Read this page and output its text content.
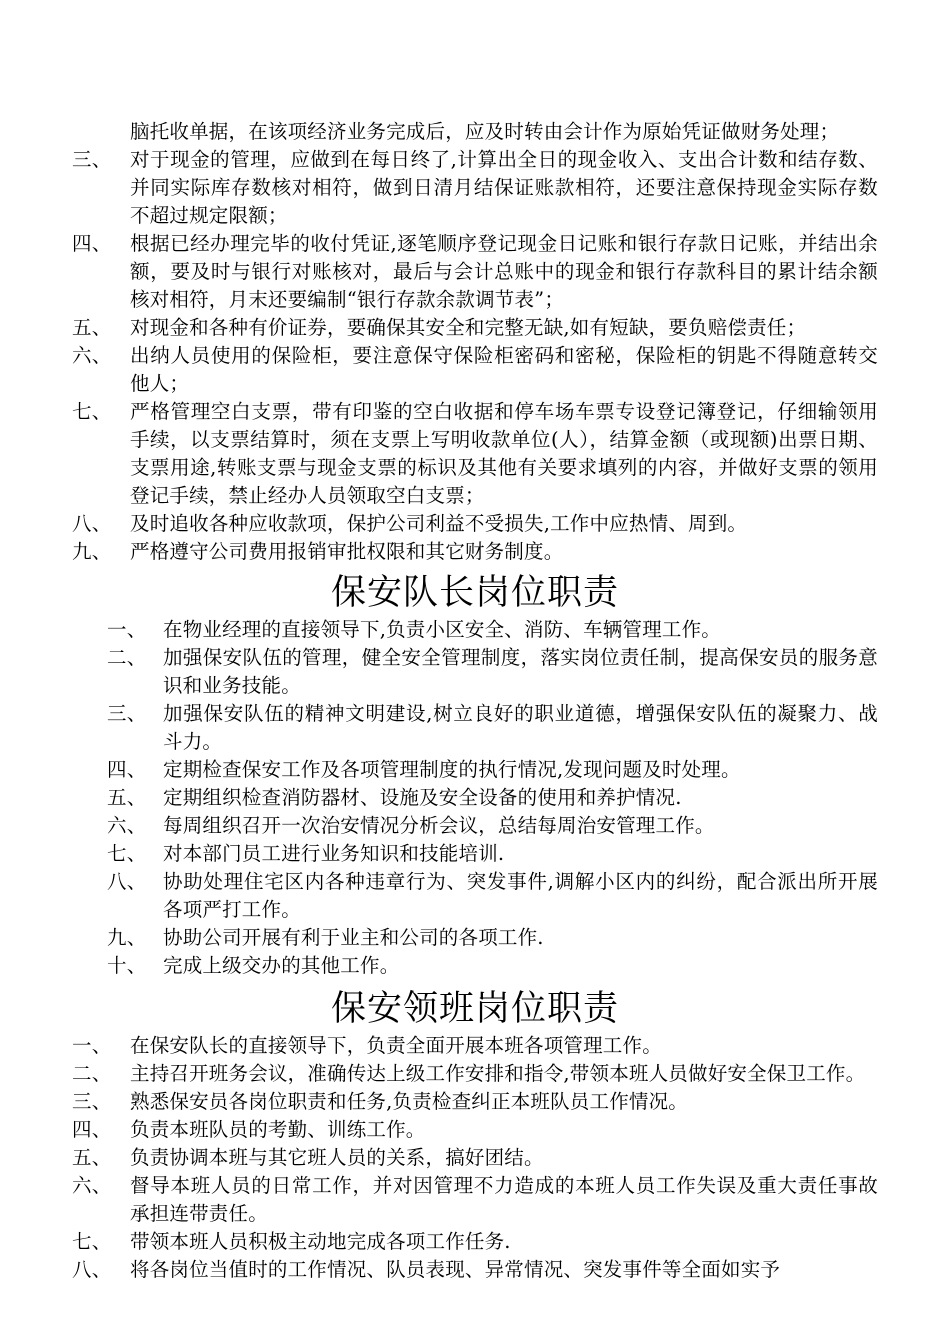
脑托收单据，在该项经济业务完成后，应及时转由会计作为原始凭证做财务处理；
三、 对于现金的管理，应做到在每日终了,计算出全日的现金收入、支出合计数和结存数、并同实际库存数核对相符，做到日清月结保证账款相符，还要注意保持现金实际存数不超过规定限额；
四、 根据已经办理完毕的收付凭证,逐笔顺序登记现金日记账和银行存款日记账，并结出余额，要及时与银行对账核对，最后与会计总账中的现金和银行存款科目的累计结余额核对相符，月末还要编制“银行存款余款调节表”；
五、 对现金和各种有价证券，要确保其安全和完整无缺,如有短缺，要负赔偿责任；
六、 出纳人员使用的保险柜，要注意保守保险柜密码和密秘，保险柜的钥匙不得随意转交他人；
七、 严格管理空白支票，带有印鉴的空白收据和停车场车票专设登记簿登记，仔细输领用手续，以支票结算时，须在支票上写明收款单位(人），结算金额（或现额)出票日期、支票用途,转账支票与现金支票的标识及其他有关要求填列的内容，并做好支票的领用登记手续，禁止经办人员领取空白支票；
八、 及时追收各种应收款项，保护公司利益不受损失,工作中应热情、周到。
九、 严格遵守公司费用报销审批权限和其它财务制度。
保安队长岗位职责
一、 在物业经理的直接领导下,负责小区安全、消防、车辆管理工作。
二、 加强保安队伍的管理，健全安全管理制度，落实岗位责任制，提高保安员的服务意识和业务技能。
三、 加强保安队伍的精神文明建设,树立良好的职业道德，增强保安队伍的凝聚力、战斗力。
四、 定期检查保安工作及各项管理制度的执行情况,发现问题及时处理。
五、 定期组织检查消防器材、设施及安全设备的使用和养护情况.
六、 每周组织召开一次治安情况分析会议，总结每周治安管理工作。
七、 对本部门员工进行业务知识和技能培训.
八、 协助处理住宅区内各种违章行为、突发事件,调解小区内的纠纷，配合派出所开展各项严打工作。
九、 协助公司开展有利于业主和公司的各项工作.
十、 完成上级交办的其他工作。
保安领班岗位职责
一、 在保安队长的直接领导下，负责全面开展本班各项管理工作。
二、 主持召开班务会议，准确传达上级工作安排和指令,带领本班人员做好安全保卫工作。
三、 熟悉保安员各岗位职责和任务,负责检查纠正本班队员工作情况。
四、 负责本班队员的考勤、训练工作。
五、 负责协调本班与其它班人员的关系，搞好团结。
六、 督导本班人员的日常工作，并对因管理不力造成的本班人员工作失误及重大责任事故承担连带责任。
七、 带领本班人员积极主动地完成各项工作任务.
八、 将各岗位当值时的工作情况、队员表现、异常情况、突发事件等全面如实予
